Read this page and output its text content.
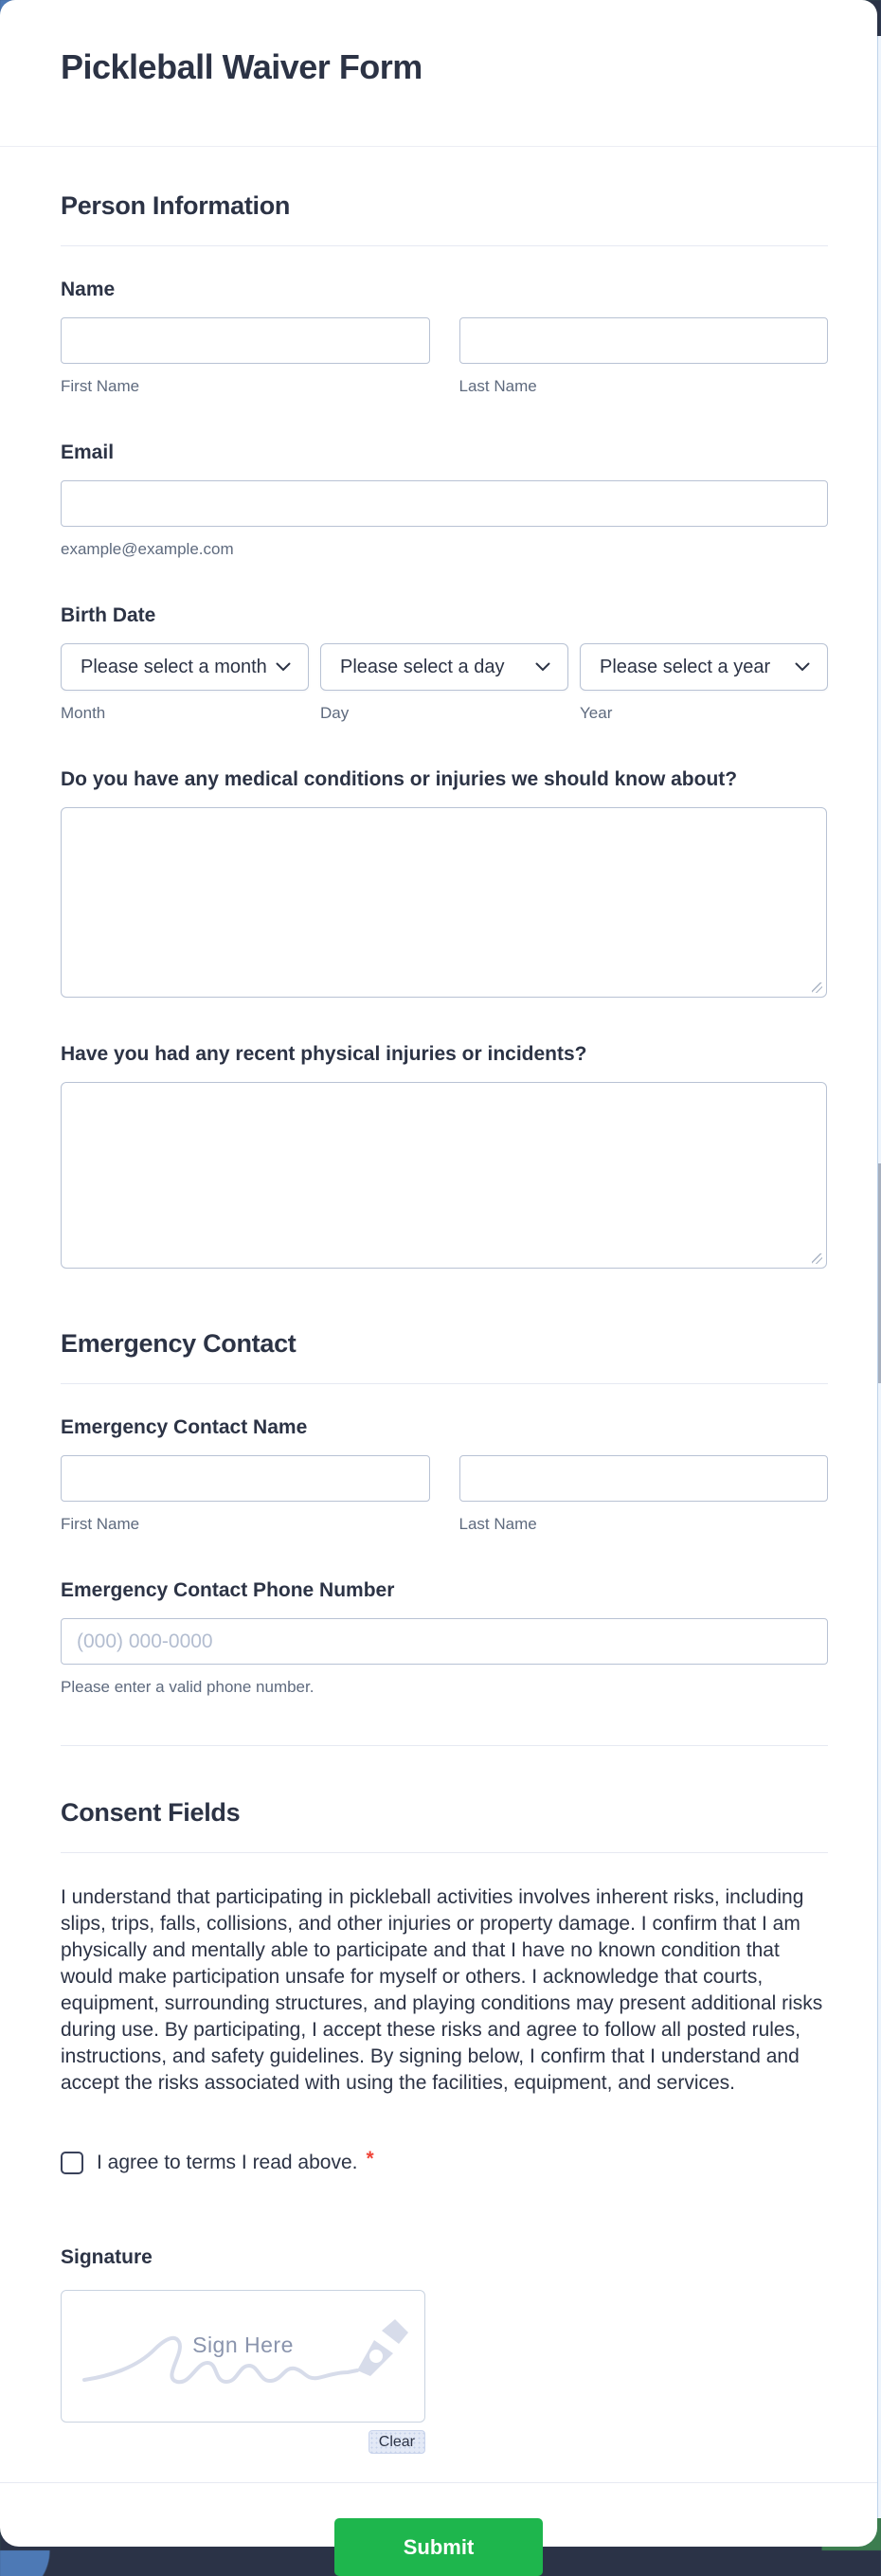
Pickleball Waiver Form
Person Information
Name
First Name	Last Name
Email
example@example.com
Birth Date
Please select a month
Month
Please select a day
Day
Please select a year
Year
Do you have any medical conditions or injuries we should know about?
Have you had any recent physical injuries or incidents?
Emergency Contact
Emergency Contact Name
First Name	Last Name
Emergency Contact Phone Number
(000) 000-0000
Please enter a valid phone number.
Consent Fields

I understand that participating in pickleball activities involves inherent risks, including slips, trips, falls, collisions, and other injuries or property damage. I confirm that I am physically and mentally able to participate and that I have no known condition that would make participation unsafe for myself or others. I acknowledge that courts, equipment, surrounding structures, and playing conditions may present additional risks during use. By participating, I accept these risks and agree to follow all posted rules, instructions, and safety guidelines. By signing below, I confirm that I understand and accept the risks associated with using the facilities, equipment, and services.

I agree to terms I read above. *
Signature
Sign Here
Clear
Submit
